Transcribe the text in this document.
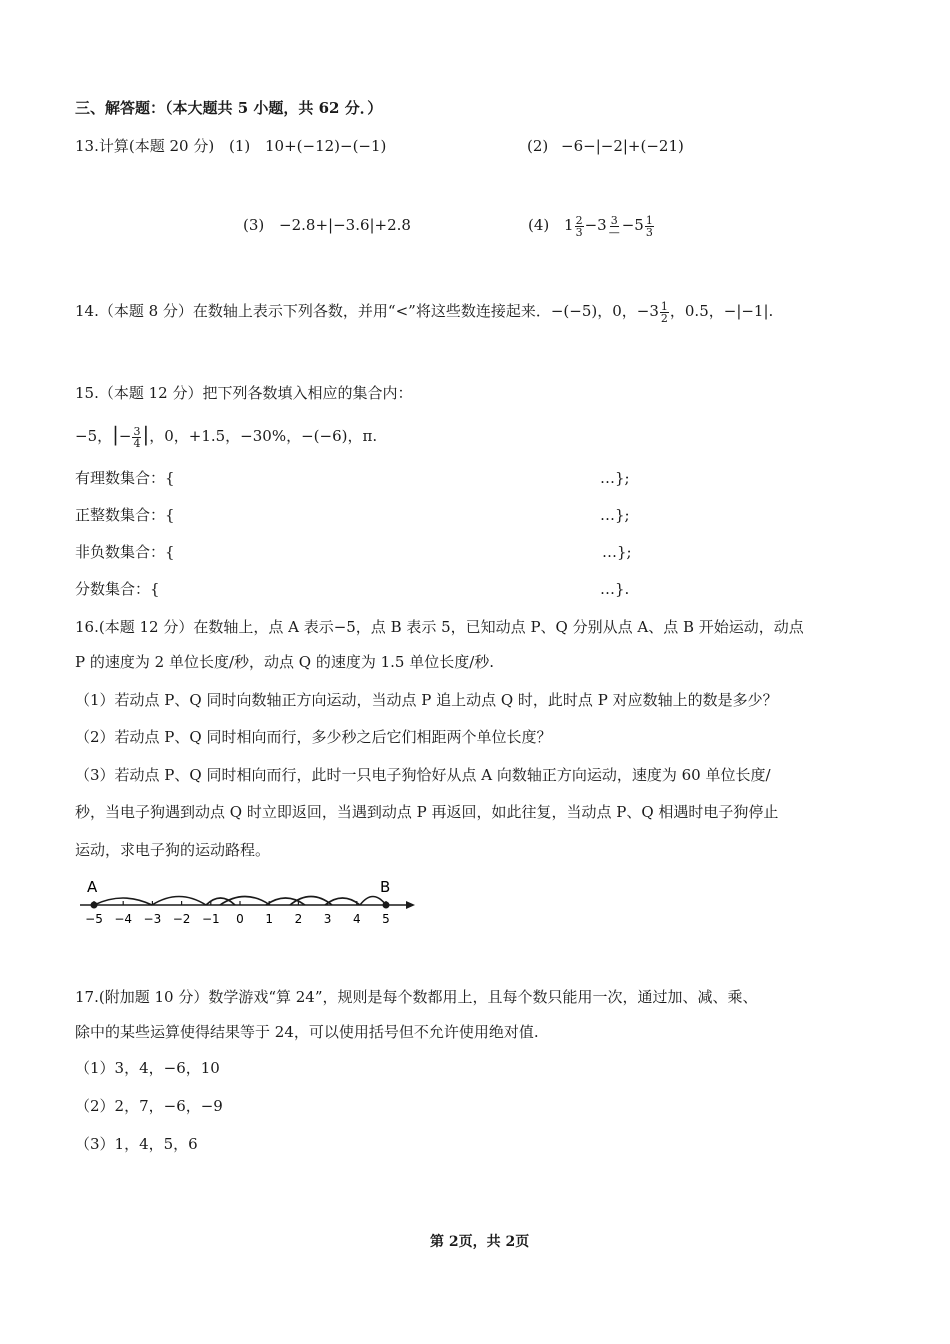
三、解答题：（本大题共 5 小题，共 62 分．）
13.计算(本题 20 分) (1) 10+(−12)−(−1)	(2) −6−|−2|+(−21)
(3) −2.8+|−3.6|+2.8	(4) $1 \frac{2}{3} -3 \frac{3}{—} -5 \frac{1}{3}$
14.（本题 8 分）在数轴上表示下列各数，并用“<”将这些数连接起来．−(−5)，0，$-3 \frac{1}{2}$ ，0.5，−|−1|.
15.（本题 12 分）把下列各数填入相应的集合内：
−5，|− $\frac{3}{4}$ |，0，+1.5，−30%，−(−6)，π.
有理数集合：{	…};
正整数集合：{	…};
非负数集合：{	…};
分数集合：{	…}.
16.(本题 12 分）在数轴上，点 A 表示−5，点 B 表示 5，已知动点 P、Q 分别从点 A、点 B 开始运动，动点
P 的速度为 2 单位长度/秒，动点 Q 的速度为 1.5 单位长度/秒.
（1）若动点 P、Q 同时向数轴正方向运动，当动点 P 追上动点 Q 时，此时点 P 对应数轴上的数是多少？
（2）若动点 P、Q 同时相向而行，多少秒之后它们相距两个单位长度？
（3）若动点 P、Q 同时相向而行，此时一只电子狗恰好从点 A 向数轴正方向运动，速度为 60 单位长度/
秒，当电子狗遇到动点 Q 时立即返回，当遇到动点 P 再返回，如此往复，当动点 P、Q 相遇时电子狗停止
运动，求电子狗的运动路程。
A	B
−5 −4 −3 −2 −1 0 1 2 3 4 5
17.(附加题 10 分）数学游戏“算 24”，规则是每个数都用上，且每个数只能用一次，通过加、减、乘、
除中的某些运算使得结果等于 24，可以使用括号但不允许使用绝对值.
（1）3，4，−6，10
（2）2，7，−6，−9
（3）1，4，5，6
第 2页，共 2页
